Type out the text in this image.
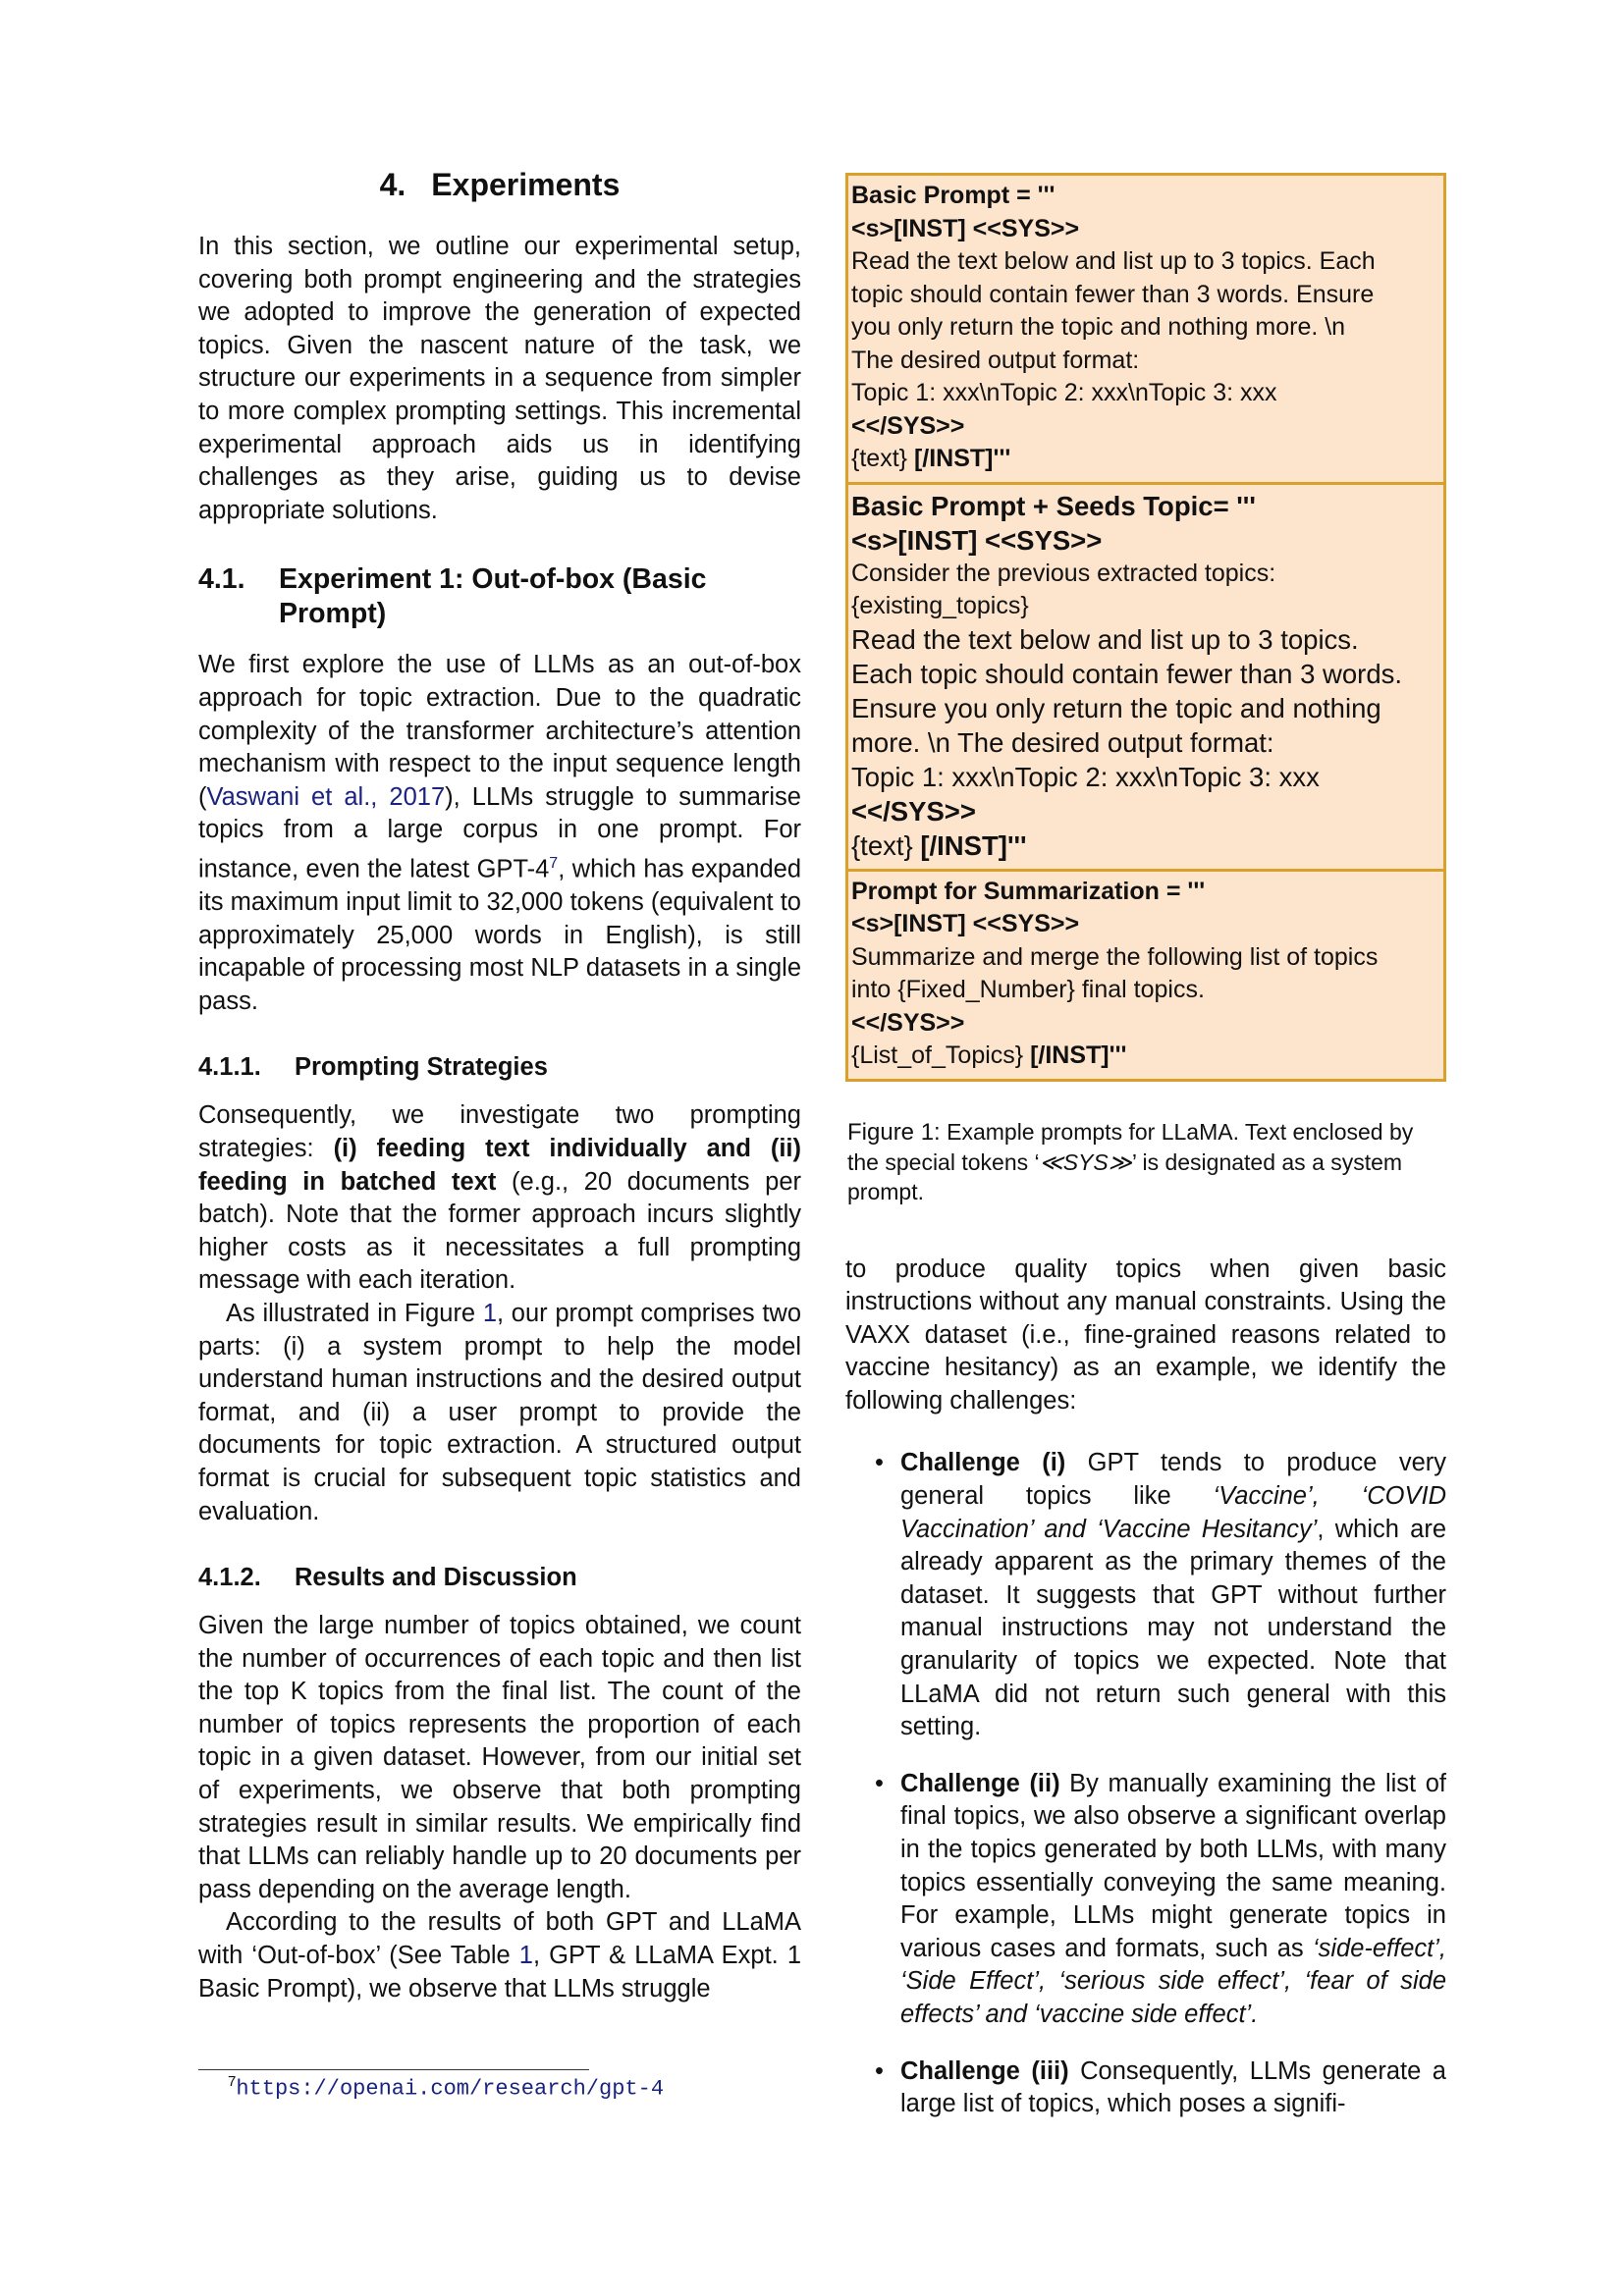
4. Experiments

In this section, we outline our experimental setup, covering both prompt engineering and the strategies we adopted to improve the generation of expected topics. Given the nascent nature of the task, we structure our experiments in a sequence from simpler to more complex prompting settings. This incremental experimental approach aids us in identifying challenges as they arise, guiding us to devise appropriate solutions.

4.1.	Experiment 1: Out-of-box (Basic Prompt)

We first explore the use of LLMs as an out-of-box approach for topic extraction. Due to the quadratic complexity of the transformer architecture’s attention mechanism with respect to the input sequence length (Vaswani et al., 2017), LLMs struggle to summarise topics from a large corpus in one prompt. For instance, even the latest GPT-$4^7$, which has expanded its maximum input limit to 32,000 tokens (equivalent to approximately 25,000 words in English), is still incapable of processing most NLP datasets in a single pass.

4.1.1.	Prompting Strategies

Consequently, we investigate two prompting strategies: (i) feeding text individually and (ii) feeding in batched text (e.g., 20 documents per batch). Note that the former approach incurs slightly higher costs as it necessitates a full prompting message with each iteration.

As illustrated in Figure 1, our prompt comprises two parts: (i) a system prompt to help the model understand human instructions and the desired output format, and (ii) a user prompt to provide the documents for topic extraction. A structured output format is crucial for subsequent topic statistics and evaluation.

4.1.2.	Results and Discussion

Given the large number of topics obtained, we count the number of occurrences of each topic and then list the top K topics from the final list. The count of the number of topics represents the proportion of each topic in a given dataset. However, from our initial set of experiments, we observe that both prompting strategies result in similar results. We empirically find that LLMs can reliably handle up to 20 documents per pass depending on the average length.

According to the results of both GPT and LLaMA with ‘Out-of-box’ (See Table 1, GPT & LLaMA Expt. 1 Basic Prompt), we observe that LLMs struggle

$^7$https://openai.com/research/gpt-4
Basic Prompt = '''
<s>[INST] <<SYS>>
Read the text below and list up to 3 topics. Each
topic should contain fewer than 3 words. Ensure
you only return the topic and nothing more. \n
The desired output format:
Topic 1: xxx\nTopic 2: xxx\nTopic 3: xxx
<</SYS>>
{text} [/INST]'''
Basic Prompt + Seeds Topic= '''
<s>[INST] <<SYS>>
Consider the previous extracted topics:
{existing_topics}
Read the text below and list up to 3 topics.
Each topic should contain fewer than 3 words.
Ensure you only return the topic and nothing
more. \n The desired output format:
Topic 1: xxx\nTopic 2: xxx\nTopic 3: xxx
<</SYS>>
{text} [/INST]'''
Prompt for Summarization = '''
<s>[INST] <<SYS>>
Summarize and merge the following list of topics
into {Fixed_Number} final topics.
<</SYS>>
{List_of_Topics} [/INST]'''
Figure 1: Example prompts for LLaMA. Text enclosed by the special tokens ‘≪SYS≫’ is designated as a system prompt.

to produce quality topics when given basic instructions without any manual constraints. Using the VAXX dataset (i.e., fine-grained reasons related to vaccine hesitancy) as an example, we identify the following challenges:

• Challenge (i) GPT tends to produce very general topics like ‘Vaccine’, ‘COVID Vaccination’ and ‘Vaccine Hesitancy’, which are already apparent as the primary themes of the dataset. It suggests that GPT without further manual instructions may not understand the granularity of topics we expected. Note that LLaMA did not return such general with this setting.
• Challenge (ii) By manually examining the list of final topics, we also observe a significant overlap in the topics generated by both LLMs, with many topics essentially conveying the same meaning. For example, LLMs might generate topics in various cases and formats, such as ‘side-effect’, ‘Side Effect’, ‘serious side effect’, ‘fear of side effects’ and ‘vaccine side effect’.
• Challenge (iii) Consequently, LLMs generate a large list of topics, which poses a signifi-
